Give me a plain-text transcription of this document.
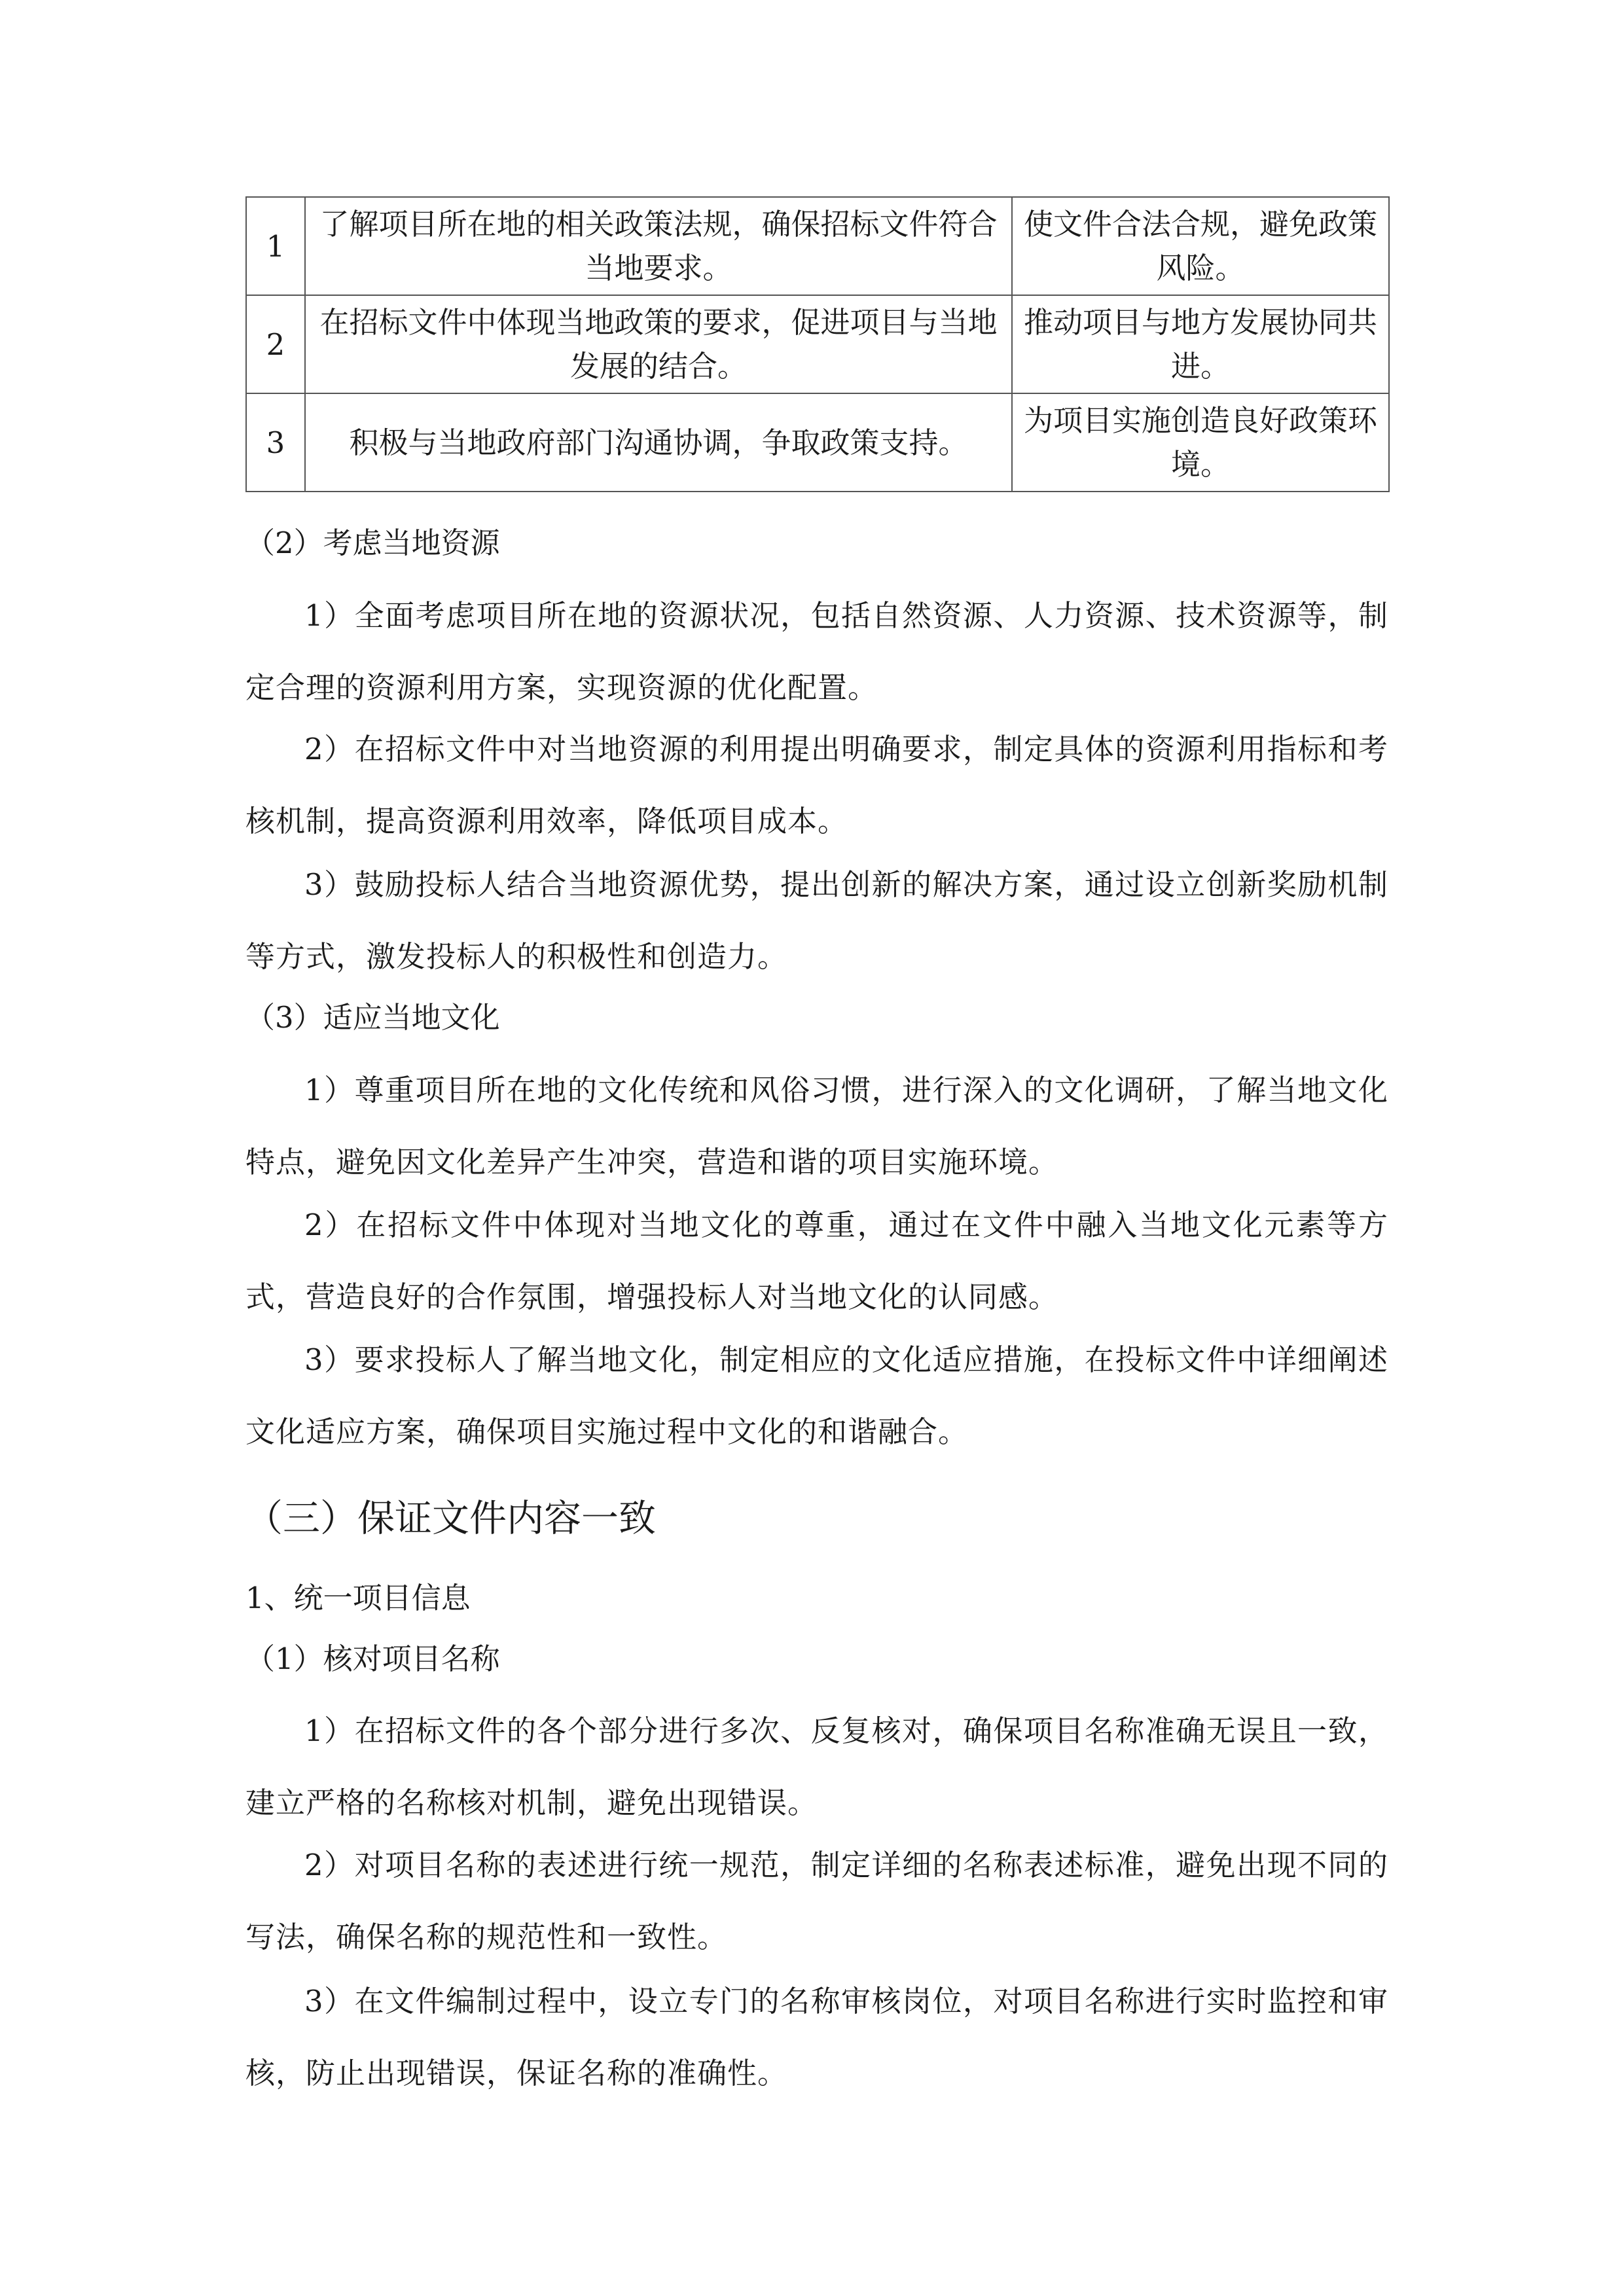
1	了解项目所在地的相关政策法规，确保招标文件符合当地要求。	使文件合法合规，避免政策风险。
2	在招标文件中体现当地政策的要求，促进项目与当地发展的结合。	推动项目与地方发展协同共进。
3	积极与当地政府部门沟通协调，争取政策支持。	为项目实施创造良好政策环境。
（2）考虑当地资源
1）全面考虑项目所在地的资源状况，包括自然资源、人力资源、技术资源等，制定合理的资源利用方案，实现资源的优化配置。
2）在招标文件中对当地资源的利用提出明确要求，制定具体的资源利用指标和考核机制，提高资源利用效率，降低项目成本。
3）鼓励投标人结合当地资源优势，提出创新的解决方案，通过设立创新奖励机制等方式，激发投标人的积极性和创造力。
（3）适应当地文化
1）尊重项目所在地的文化传统和风俗习惯，进行深入的文化调研，了解当地文化特点，避免因文化差异产生冲突，营造和谐的项目实施环境。
2）在招标文件中体现对当地文化的尊重，通过在文件中融入当地文化元素等方式，营造良好的合作氛围，增强投标人对当地文化的认同感。
3）要求投标人了解当地文化，制定相应的文化适应措施，在投标文件中详细阐述文化适应方案，确保项目实施过程中文化的和谐融合。
（三）保证文件内容一致
1、统一项目信息
（1）核对项目名称
1）在招标文件的各个部分进行多次、反复核对，确保项目名称准确无误且一致，建立严格的名称核对机制，避免出现错误。
2）对项目名称的表述进行统一规范，制定详细的名称表述标准，避免出现不同的写法，确保名称的规范性和一致性。
3）在文件编制过程中，设立专门的名称审核岗位，对项目名称进行实时监控和审核，防止出现错误，保证名称的准确性。
